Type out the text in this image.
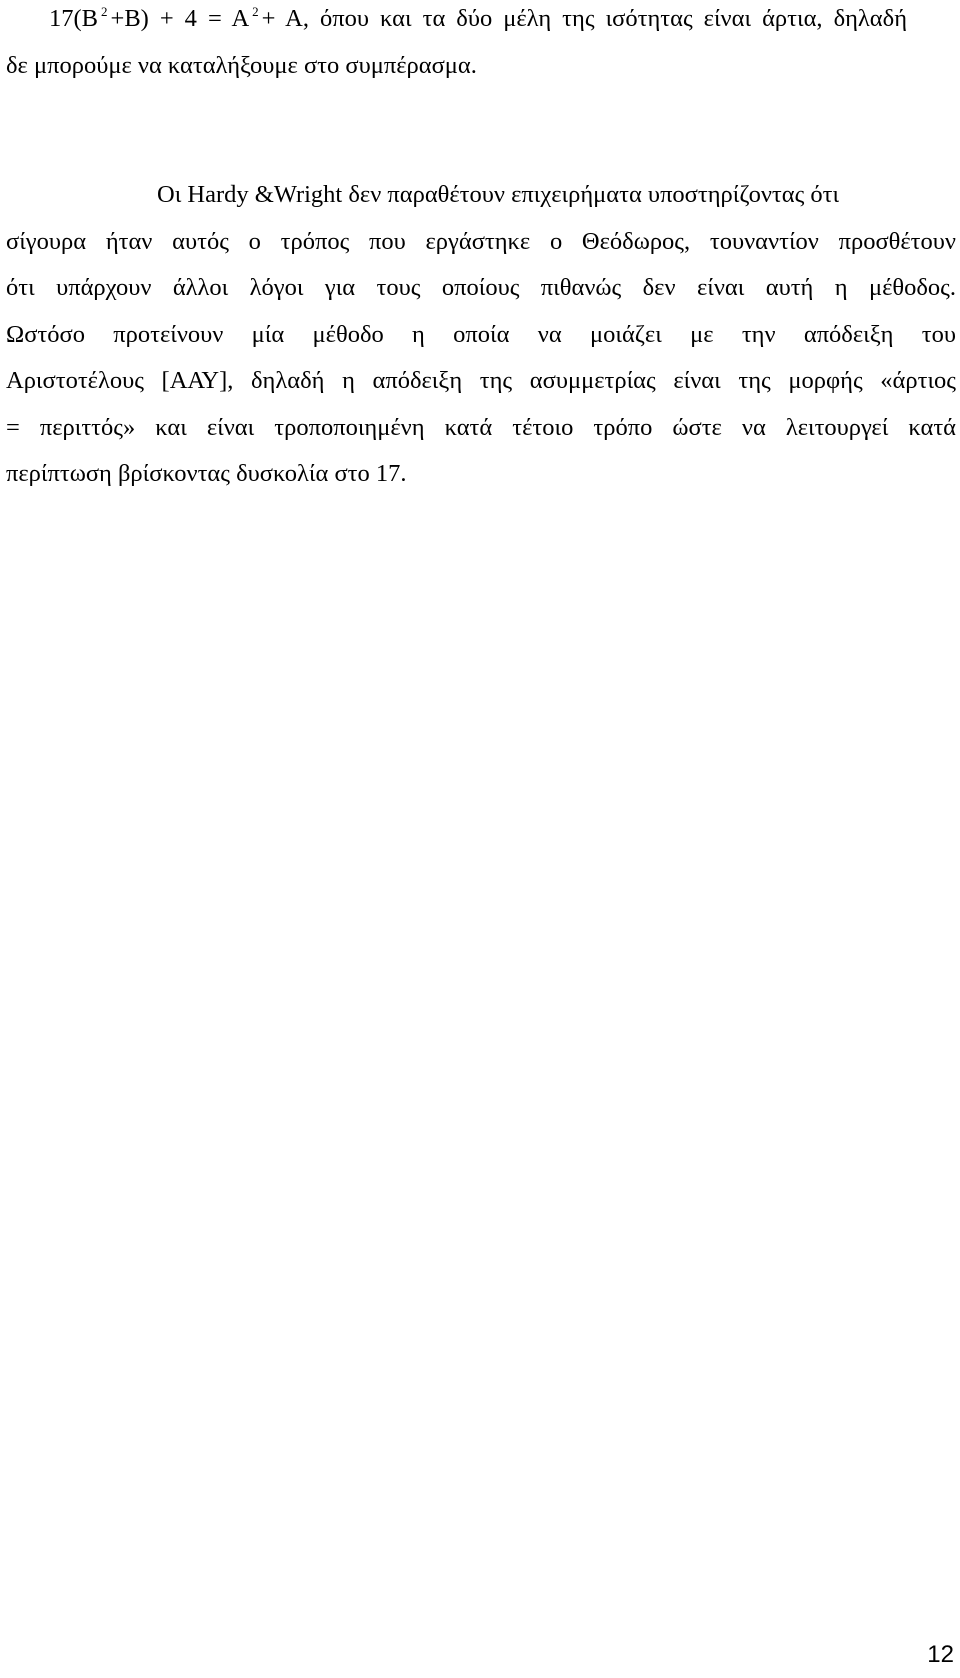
17(B $^2$ +B) + 4 = A $^2$ + A, όπου και τα δύο μέλη της ισότητας είναι άρτια, δηλαδή
δε μπορούμε να καταλήξουμε στο συμπέρασμα.
Οι Hardy &Wright δεν παραθέτουν επιχειρήματα υποστηρίζοντας ότι
σίγουρα ήταν αυτός ο τρόπος που εργάστηκε ο Θεόδωρος, τουναντίον προσθέτουν
ότι υπάρχουν άλλοι λόγοι για τους οποίους πιθανώς δεν είναι αυτή η μέθοδος.
Ωστόσο προτείνουν μία μέθοδο η οποία να μοιάζει με την απόδειξη του
Αριστοτέλους [ΑΑΥ], δηλαδή η απόδειξη της ασυμμετρίας είναι της μορφής «άρτιος
= περιττός» και είναι τροποποιημένη κατά τέτοιο τρόπο ώστε να λειτουργεί κατά
περίπτωση βρίσκοντας δυσκολία στο 17.
12
